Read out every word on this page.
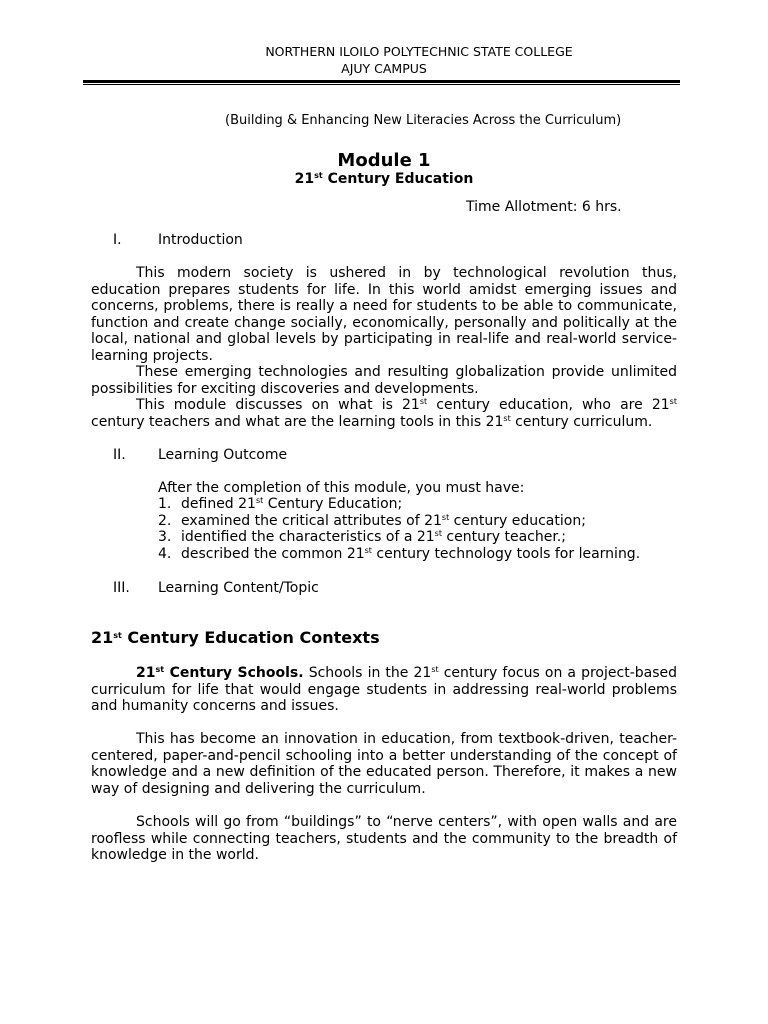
NORTHERN ILOILO POLYTECHNIC STATE COLLEGE
AJUY CAMPUS
(Building & Enhancing New Literacies Across the Curriculum)
Module 1
21st Century Education
Time Allotment: 6 hrs.
I.	Introduction
This modern society is ushered in by technological revolution thus, education prepares students for life. In this world amidst emerging issues and concerns, problems, there is really a need for students to be able to communicate, function and create change socially, economically, personally and politically at the local, national and global levels by participating in real-life and real-world service-learning projects.
These emerging technologies and resulting globalization provide unlimited possibilities for exciting discoveries and developments.
This module discusses on what is 21st century education, who are 21st century teachers and what are the learning tools in this 21st century curriculum.
II. Learning Outcome
After the completion of this module, you must have:
1. defined 21st Century Education;
2. examined the critical attributes of 21st century education;
3. identified the characteristics of a 21st century teacher.;
4. described the common 21st century technology tools for learning.
III. Learning Content/Topic
21st Century Education Contexts
21st Century Schools. Schools in the 21st century focus on a project-based curriculum for life that would engage students in addressing real-world problems and humanity concerns and issues.
This has become an innovation in education, from textbook-driven, teacher-centered, paper-and-pencil schooling into a better understanding of the concept of knowledge and a new definition of the educated person. Therefore, it makes a new way of designing and delivering the curriculum.
Schools will go from “buildings” to “nerve centers”, with open walls and are roofless while connecting teachers, students and the community to the breadth of knowledge in the world.
